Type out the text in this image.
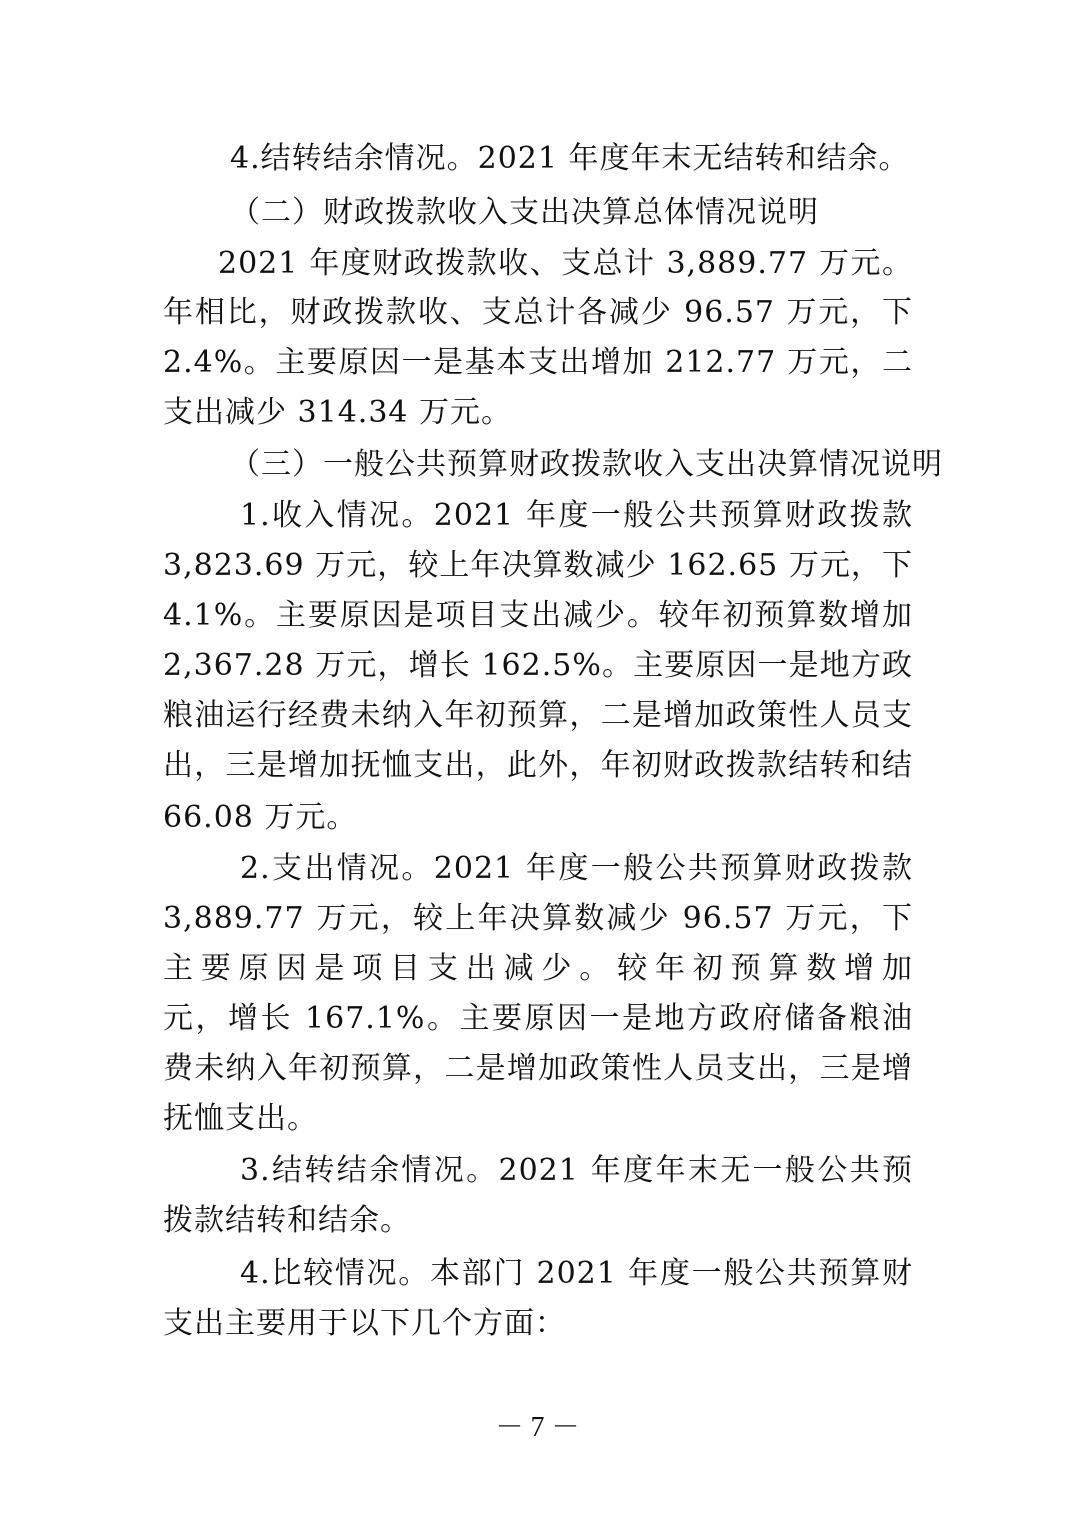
4.结转结余情况。2021 年度年末无结转和结余。
（二）财政拨款收入支出决算总体情况说明
2021 年度财政拨款收、支总计 3,889.77 万元。
年相比，财政拨款收、支总计各减少 96.57 万元，下
2.4%。主要原因一是基本支出增加 212.77 万元，二
支出减少 314.34 万元。
（三）一般公共预算财政拨款收入支出决算情况说明
1.收入情况。2021 年度一般公共预算财政拨款
3,823.69 万元，较上年决算数减少 162.65 万元，下
4.1%。主要原因是项目支出减少。较年初预算数增加
2,367.28 万元，增长 162.5%。主要原因一是地方政
粮油运行经费未纳入年初预算，二是增加政策性人员支
出，三是增加抚恤支出，此外，年初财政拨款结转和结
66.08 万元。
2.支出情况。2021 年度一般公共预算财政拨款
3,889.77 万元，较上年决算数减少 96.57 万元，下
主要原因是项目支出减少。较年初预算数增加
元，增长 167.1%。主要原因一是地方政府储备粮油
费未纳入年初预算，二是增加政策性人员支出，三是增
抚恤支出。
3.结转结余情况。2021 年度年末无一般公共预
拨款结转和结余。
4.比较情况。本部门 2021 年度一般公共预算财
支出主要用于以下几个方面：
－ 7 －
